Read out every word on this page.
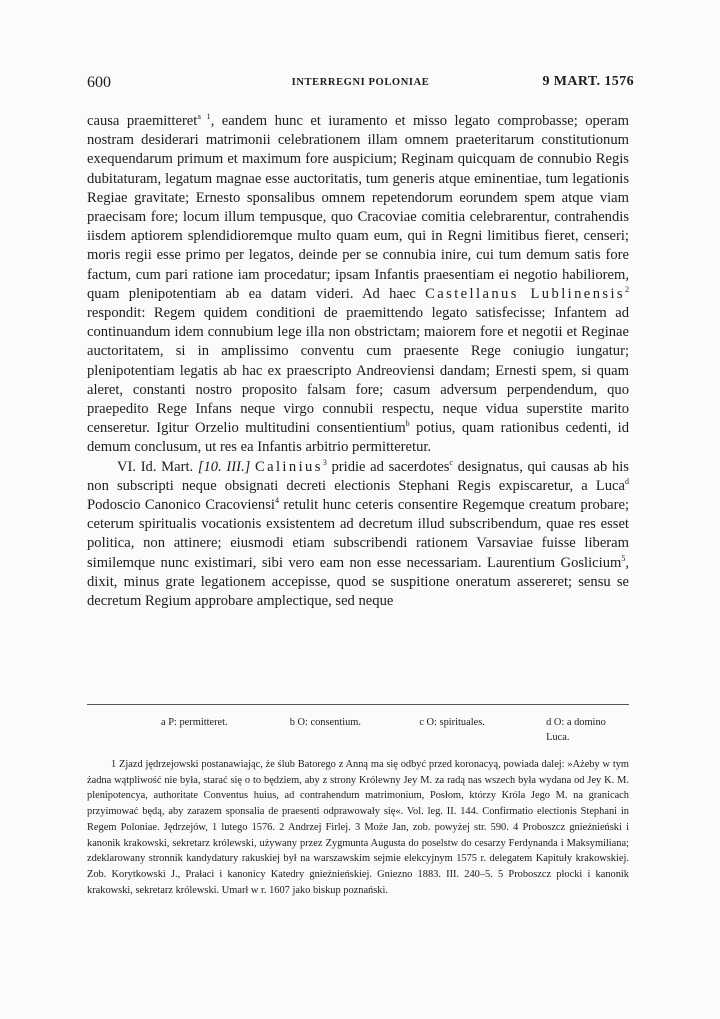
600	INTERREGNI POLONIAE	9 MART. 1576

causa praemitteret$^{a 1}$, eandem hunc et iuramento et misso legato comprobasse; operam nostram desiderari matrimonii celebrationem illam omnem praeteritarum constitutionum exequendarum primum et maximum fore auspicium; Reginam quicquam de connubio Regis dubitaturam, legatum magnae esse auctoritatis, tum generis atque eminentiae, tum legationis Regiae gravitate; Ernesto sponsalibus omnem repetendorum eorundem spem atque viam praecisam fore; locum illum tempusque, quo Cracoviae comitia celebrarentur, contrahendis iisdem aptiorem splendidioremque multo quam eum, qui in Regni limitibus fieret, censeri; moris regii esse primo per legatos, deinde per se connubia inire, cui tum demum satis fore factum, cum pari ratione iam procedatur; ipsam Infantis praesentiam ei negotio habiliorem, quam plenipotentiam ab ea datam videri. Ad haec Castellanus Lublinensis$^2$ respondit: Regem quidem conditioni de praemittendo legato satisfecisse; Infantem ad continuandum idem connubium lege illa non obstrictam; maiorem fore et negotii et Reginae auctoritatem, si in amplissimo conventu cum praesente Rege coniugio iungatur; plenipotentiam legatis ab hac ex praescripto Andreoviensi dandam; Ernesti spem, si quam aleret, constanti nostro proposito falsam fore; casum adversum perpendendum, quo praepedito Rege Infans neque virgo connubii respectu, neque vidua superstite marito censeretur. Igitur Orzelio multitudini consentientium$^b$ potius, quam rationibus cedenti, id demum conclusum, ut res ea Infantis arbitrio permitteretur.

VI. Id. Mart. [10. III.] Calinius$^3$ pridie ad sacerdotes$^c$ designatus, qui causas ab his non subscripti neque obsignati decreti electionis Stephani Regis expiscaretur, a Luca$^d$ Podoscio Canonico Cracoviensi$^4$ retulit hunc ceteris consentire Regemque creatum probare; ceterum spiritualis vocationis exsistentem ad decretum illud subscribendum, quae res esset politica, non attinere; eiusmodi etiam subscribendi rationem Varsaviae fuisse liberam similemque nunc existimari, sibi vero eam non esse necessariam. Laurentium Goslicium$^5$, dixit, minus grate legationem accepisse, quod se suspitione oneratum assereret; sensu se decretum Regium approbare amplectique, sed neque

a P: permitteret.	b O: consentium.	c O: spirituales.	d O: a domino Luca.

1 Zjazd jędrzejowski postanawiając, że ślub Batorego z Anną ma się odbyć przed koronacyą, powiada dalej: »Ażeby w tym żadna wątpliwość nie była, starać się o to będziem, aby z strony Królewny Jey M. za radą nas wszech była wydana od Jey K. M. plenipotencya, authoritate Conventus huius, ad contrahendum matrimonium, Posłom, którzy Króla Jego M. na granicach przyimować będą, aby zarazem sponsalia de praesenti odprawowały się«. Vol. leg. II. 144. Confirmatio electionis Stephani in Regem Poloniae. Jędrzejów, 1 lutego 1576. 2 Andrzej Firlej. 3 Może Jan, zob. powyżej str. 590. 4 Proboszcz gnieźnieński i kanonik krakowski, sekretarz królewski, używany przez Zygmunta Augusta do poselstw do cesarzy Ferdynanda i Maksymiliana; zdeklarowany stronnik kandydatury rakuskiej był na warszawskim sejmie elekcyjnym 1575 r. delegatem Kapituły krakowskiej. Zob. Korytkowski J., Prałaci i kanonicy Katedry gnieźnieńskiej. Gniezno 1883. III. 240–5. 5 Proboszcz płocki i kanonik krakowski, sekretarz królewski. Umarł w r. 1607 jako biskup poznański.
